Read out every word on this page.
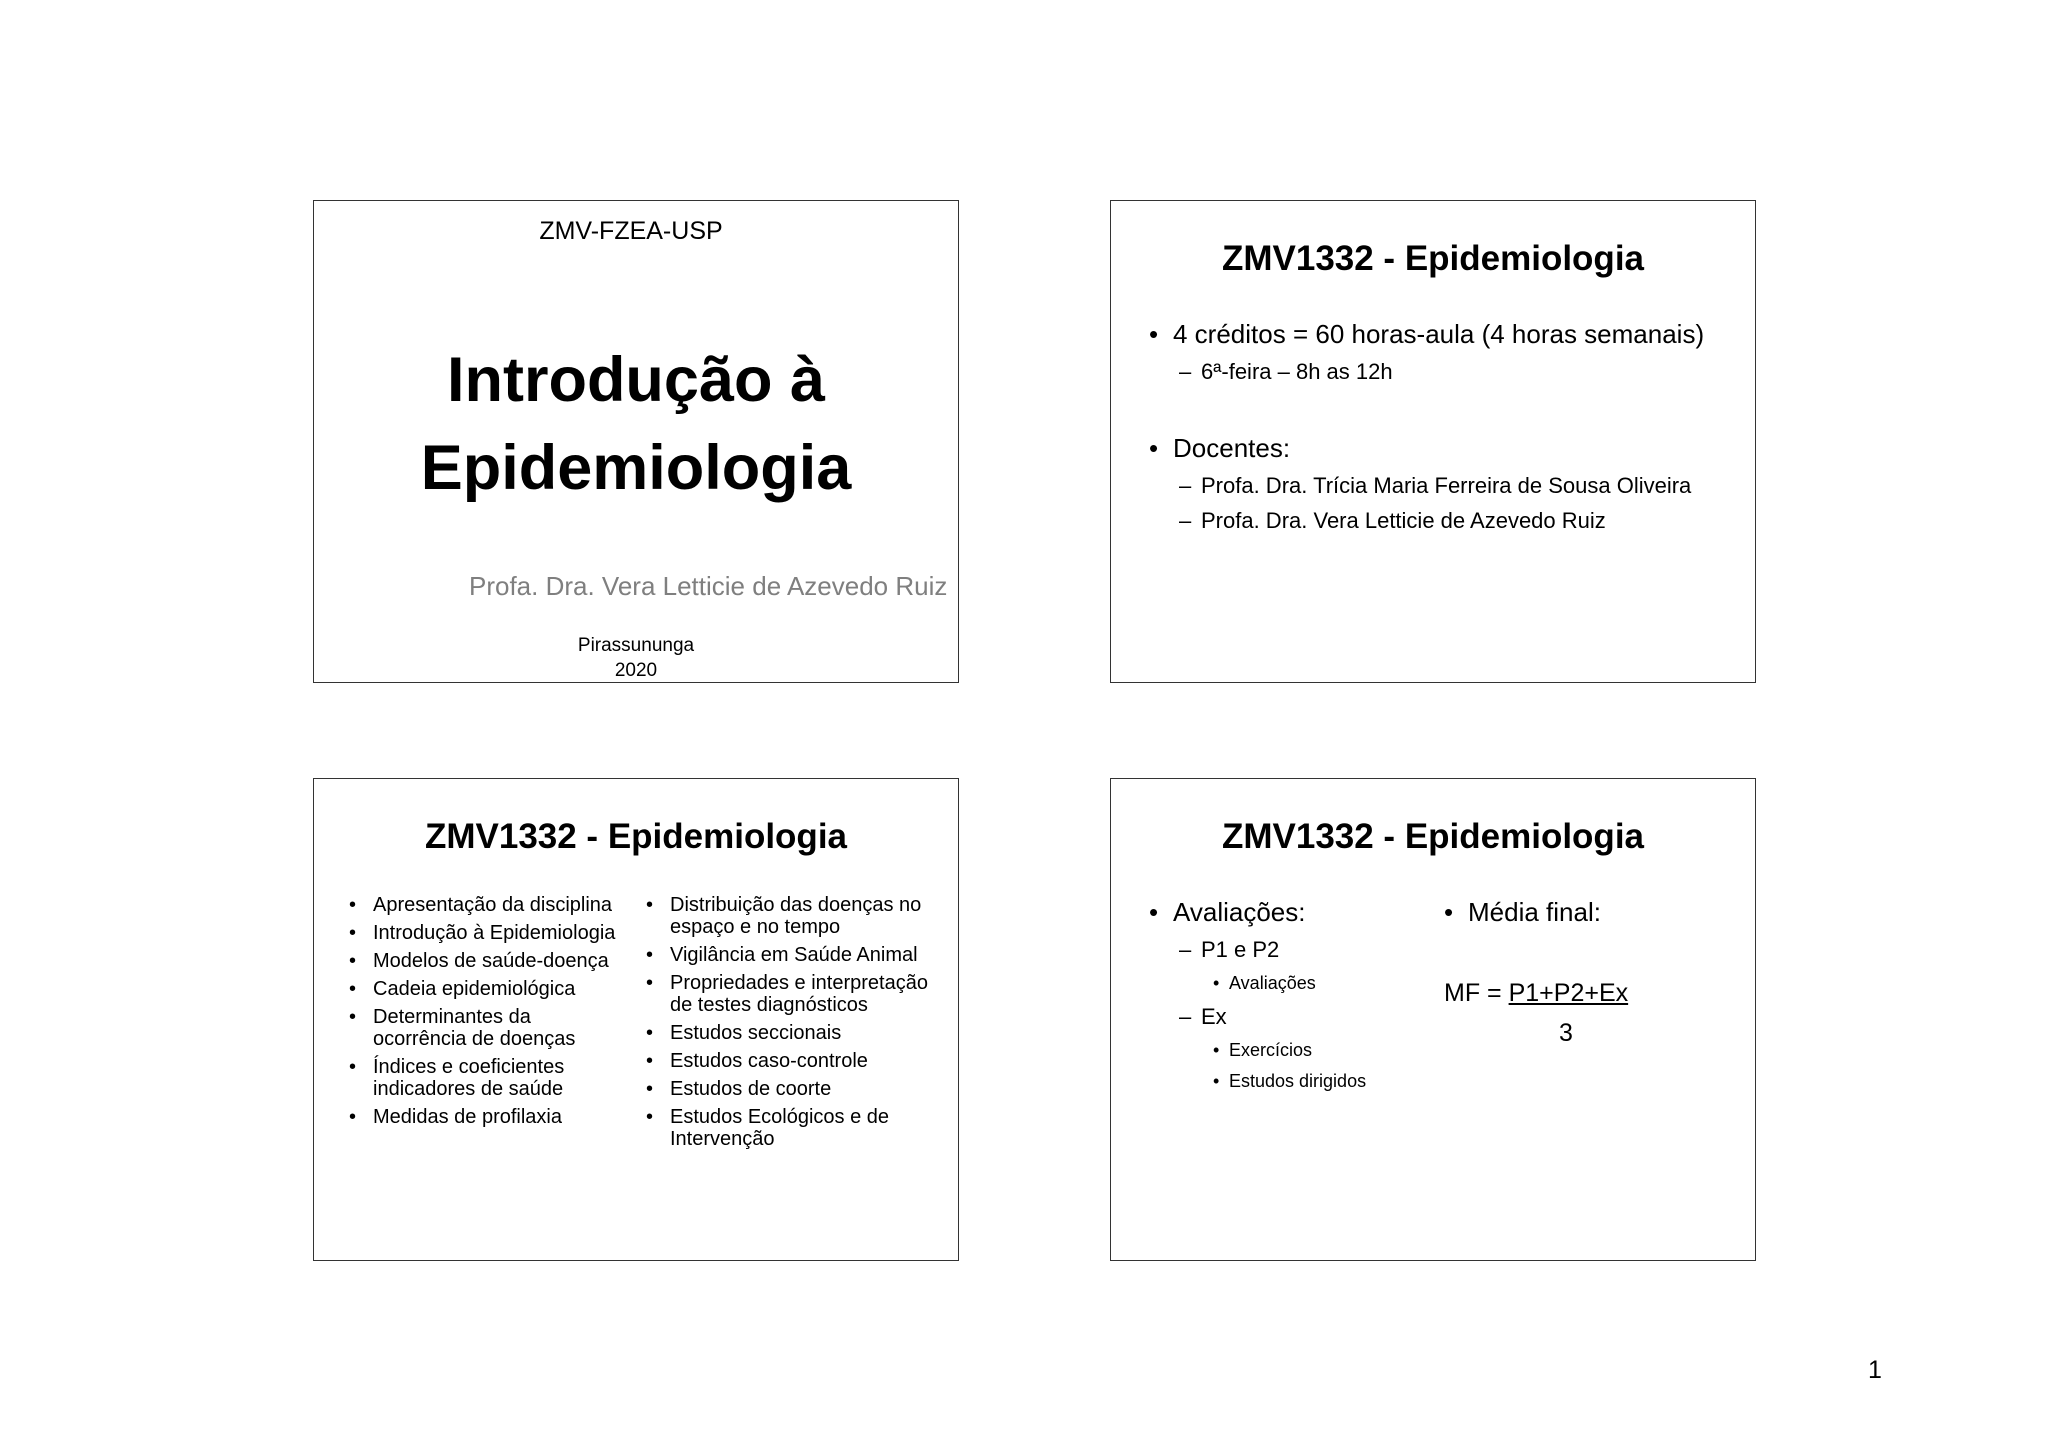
ZMV-FZEA-USP
Introdução à
Epidemiologia
Profa. Dra. Vera Letticie de Azevedo Ruiz
Pirassununga
2020
ZMV1332 - Epidemiologia
• 4 créditos = 60 horas-aula (4 horas semanais)
– 6ª-feira – 8h as 12h
• Docentes:
– Profa. Dra. Trícia Maria Ferreira de Sousa Oliveira
– Profa. Dra. Vera Letticie de Azevedo Ruiz
ZMV1332 - Epidemiologia
• Apresentação da disciplina
• Introdução à Epidemiologia
• Modelos de saúde-doença
• Cadeia epidemiológica
• Determinantes da ocorrência de doenças
• Índices e coeficientes indicadores de saúde
• Medidas de profilaxia
• Distribuição das doenças no espaço e no tempo
• Vigilância em Saúde Animal
• Propriedades e interpretação de testes diagnósticos
• Estudos seccionais
• Estudos caso-controle
• Estudos de coorte
• Estudos Ecológicos e de Intervenção
ZMV1332 - Epidemiologia
• Avaliações:
– P1 e P2
• Avaliações
– Ex
• Exercícios
• Estudos dirigidos
• Média final:
MF = P1+P2+Ex
3
1
